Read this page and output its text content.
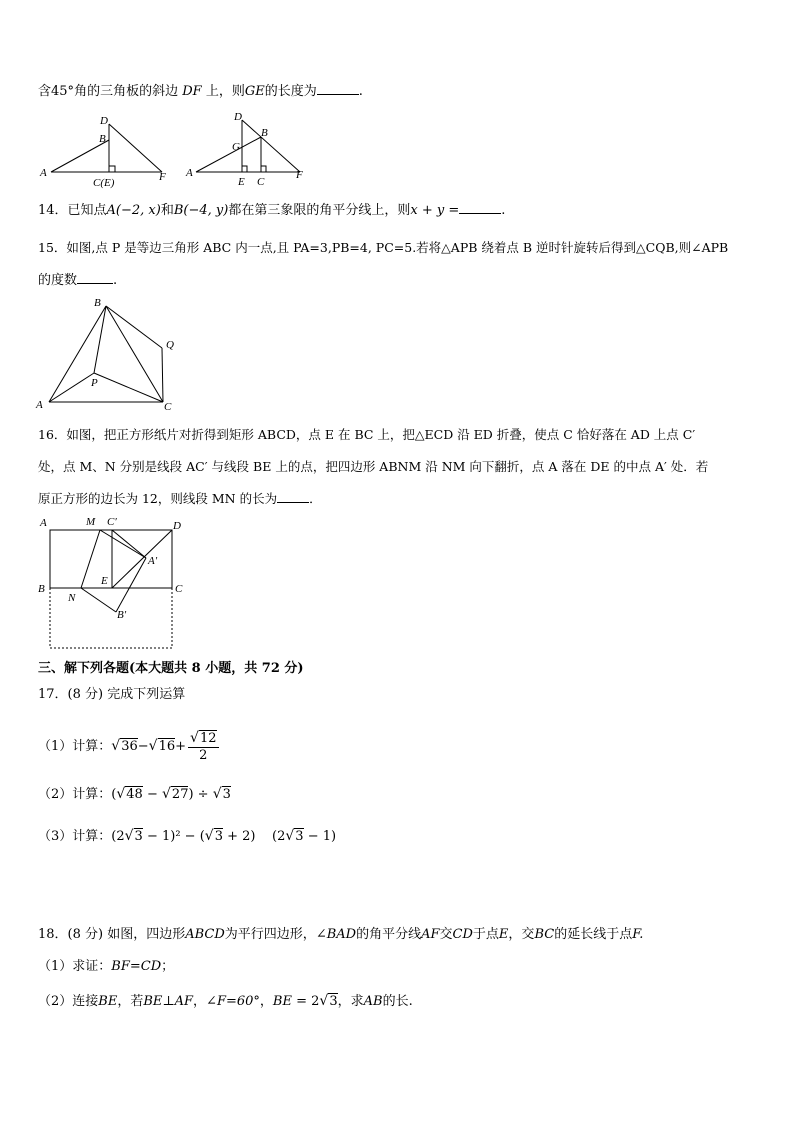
含45°角的三角板的斜边 DF 上，则GE的长度为	.
D
B
A
C(E)	F
D
B
G
A
E C
F
14．已知点A(−2, x)和B(−4, y)都在第三象限的角平分线上，则x + y =	.
15．如图,点 P 是等边三角形 ABC 内一点,且 PA=3,PB=4, PC=5.若将△APB 绕着点 B 逆时针旋转后得到△CQB,则∠APB
的度数	.
B
Q
P
A	C
16．如图，把正方形纸片对折得到矩形 ABCD，点 E 在 BC 上，把△ECD 沿 ED 折叠，使点 C 恰好落在 AD 上点 C′
处，点 M、N 分别是线段 AC′ 与线段 BE 上的点，把四边形 ABNM 沿 NM 向下翻折，点 A 落在 DE 的中点 A′ 处．若
原正方形的边长为 12，则线段 MN 的长为	．
A	M C′	D
A′
E
B
N
C
B′
三、解下列各题(本大题共 8 小题，共 72 分)
17．(8 分) 完成下列运算
（1）计算：$√36-√16+ \frac{√12}{2}$
（2）计算：(√48 − √27) ÷ √3
（3）计算：(2√3 − 1)² − (√3 + 2)    (2√3 − 1)
18．(8 分) 如图，四边形ABCD为平行四边形，∠BAD的角平分线AF交CD于点E，交BC的延长线于点F.
（1）求证：BF=CD；
（2）连接BE，若BE⊥AF，∠F=60°，BE = 2√3，求AB的长.
